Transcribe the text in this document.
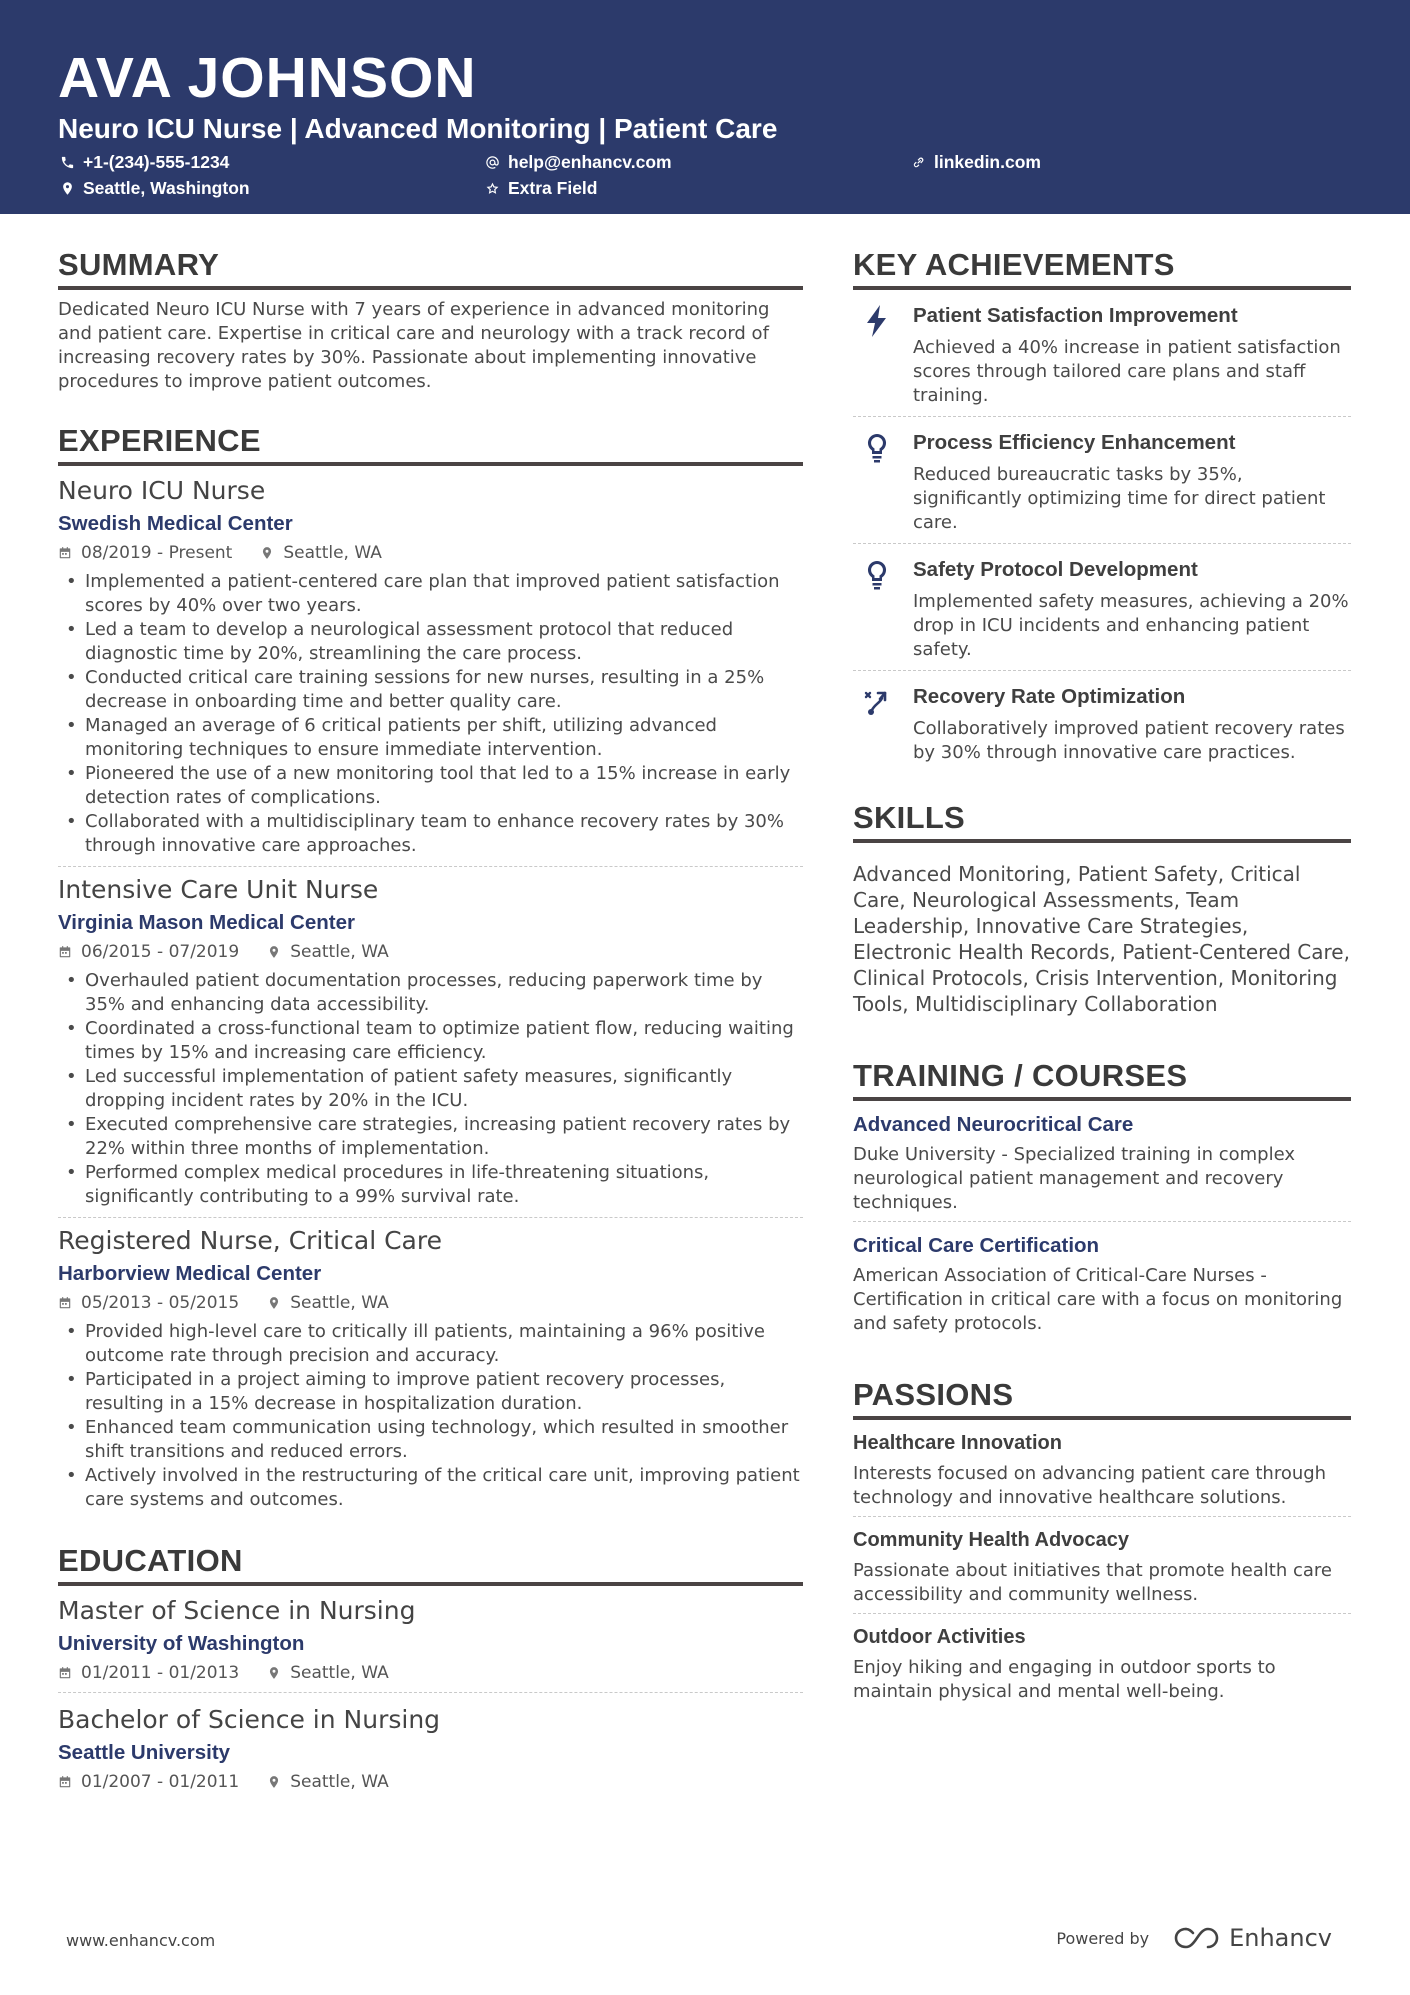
AVA JOHNSON
Neuro ICU Nurse | Advanced Monitoring | Patient Care
+1-(234)-555-1234	help@enhancv.com	linkedin.com
Seattle, Washington	Extra Field
SUMMARY
Dedicated Neuro ICU Nurse with 7 years of experience in advanced monitoring and patient care. Expertise in critical care and neurology with a track record of increasing recovery rates by 30%. Passionate about implementing innovative procedures to improve patient outcomes.
EXPERIENCE
Neuro ICU Nurse
Swedish Medical Center
08/2019 - Present	Seattle, WA
• Implemented a patient-centered care plan that improved patient satisfaction scores by 40% over two years.
• Led a team to develop a neurological assessment protocol that reduced diagnostic time by 20%, streamlining the care process.
• Conducted critical care training sessions for new nurses, resulting in a 25% decrease in onboarding time and better quality care.
• Managed an average of 6 critical patients per shift, utilizing advanced monitoring techniques to ensure immediate intervention.
• Pioneered the use of a new monitoring tool that led to a 15% increase in early detection rates of complications.
• Collaborated with a multidisciplinary team to enhance recovery rates by 30% through innovative care approaches.
Intensive Care Unit Nurse
Virginia Mason Medical Center
06/2015 - 07/2019	Seattle, WA
• Overhauled patient documentation processes, reducing paperwork time by 35% and enhancing data accessibility.
• Coordinated a cross-functional team to optimize patient flow, reducing waiting times by 15% and increasing care efficiency.
• Led successful implementation of patient safety measures, significantly dropping incident rates by 20% in the ICU.
• Executed comprehensive care strategies, increasing patient recovery rates by 22% within three months of implementation.
• Performed complex medical procedures in life-threatening situations, significantly contributing to a 99% survival rate.
Registered Nurse, Critical Care
Harborview Medical Center
05/2013 - 05/2015	Seattle, WA
• Provided high-level care to critically ill patients, maintaining a 96% positive outcome rate through precision and accuracy.
• Participated in a project aiming to improve patient recovery processes, resulting in a 15% decrease in hospitalization duration.
• Enhanced team communication using technology, which resulted in smoother shift transitions and reduced errors.
• Actively involved in the restructuring of the critical care unit, improving patient care systems and outcomes.
EDUCATION
Master of Science in Nursing
University of Washington
01/2011 - 01/2013	Seattle, WA
Bachelor of Science in Nursing
Seattle University
01/2007 - 01/2011	Seattle, WA
KEY ACHIEVEMENTS
Patient Satisfaction Improvement
Achieved a 40% increase in patient satisfaction scores through tailored care plans and staff training.
Process Efficiency Enhancement
Reduced bureaucratic tasks by 35%, significantly optimizing time for direct patient care.
Safety Protocol Development
Implemented safety measures, achieving a 20% drop in ICU incidents and enhancing patient safety.
Recovery Rate Optimization
Collaboratively improved patient recovery rates by 30% through innovative care practices.
SKILLS
Advanced Monitoring, Patient Safety, Critical Care, Neurological Assessments, Team Leadership, Innovative Care Strategies, Electronic Health Records, Patient-Centered Care, Clinical Protocols, Crisis Intervention, Monitoring Tools, Multidisciplinary Collaboration
TRAINING / COURSES
Advanced Neurocritical Care
Duke University - Specialized training in complex neurological patient management and recovery techniques.
Critical Care Certification
American Association of Critical-Care Nurses - Certification in critical care with a focus on monitoring and safety protocols.
PASSIONS
Healthcare Innovation
Interests focused on advancing patient care through technology and innovative healthcare solutions.
Community Health Advocacy
Passionate about initiatives that promote health care accessibility and community wellness.
Outdoor Activities
Enjoy hiking and engaging in outdoor sports to maintain physical and mental well-being.
www.enhancv.com	Powered by	Enhancv
